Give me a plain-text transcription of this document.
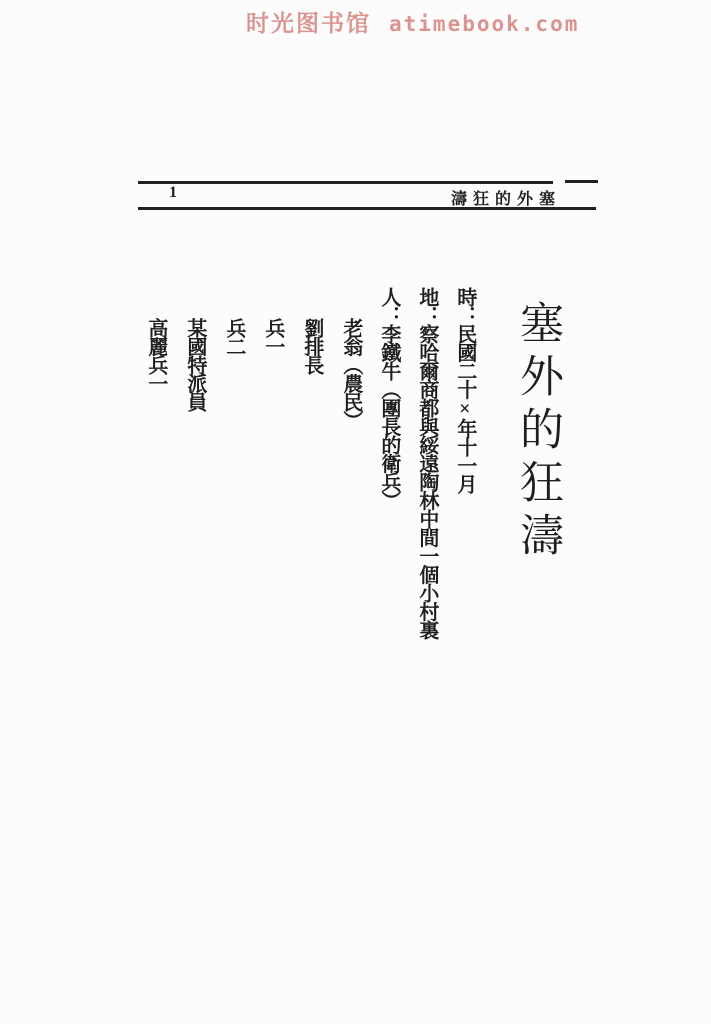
时光图书馆 atimebook.com
1	濤狂的外塞
塞外的狂濤
時：民國二十×年十一月
地：察哈爾商都與綏遠陶林中間一個小村裏
人：李鐵牛（團長的衛兵）
老翁（農民）
劉排長
兵一
兵二
某國特派員
高麗兵一
